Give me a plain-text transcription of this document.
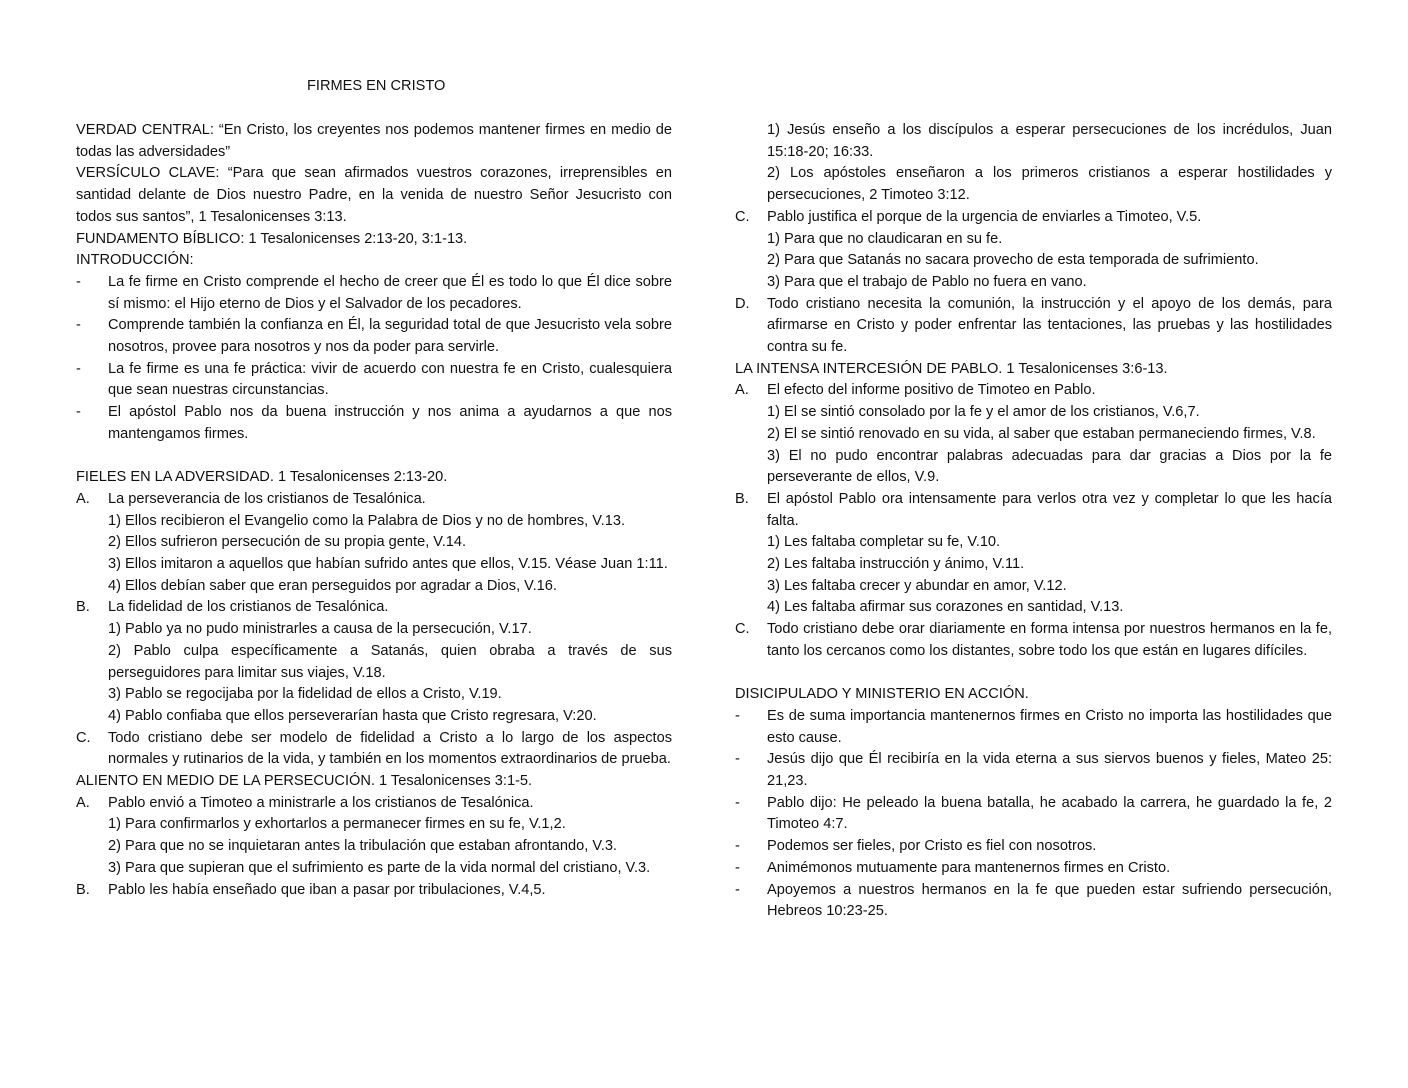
FIRMES EN CRISTO
VERDAD CENTRAL: “En Cristo, los creyentes nos podemos mantener firmes en medio de todas las adversidades”
VERSÍCULO CLAVE: “Para que sean afirmados vuestros corazones, irreprensibles en santidad delante de Dios nuestro Padre, en la venida de nuestro Señor Jesucristo con todos sus santos”, 1 Tesalonicenses 3:13.
FUNDAMENTO BÍBLICO: 1 Tesalonicenses 2:13-20, 3:1-13.
INTRODUCCIÓN:
-	La fe firme en Cristo comprende el hecho de creer que Él es todo lo que Él dice sobre sí mismo: el Hijo eterno de Dios y el Salvador de los pecadores.
-	Comprende también la confianza en Él, la seguridad total de que Jesucristo vela sobre nosotros, provee para nosotros y nos da poder para servirle.
-	La fe firme es una fe práctica: vivir de acuerdo con nuestra fe en Cristo, cualesquiera que sean nuestras circunstancias.
-	El apóstol Pablo nos da buena instrucción y nos anima a ayudarnos a que nos mantengamos firmes.
FIELES EN LA ADVERSIDAD. 1 Tesalonicenses 2:13-20.
A.	La perseverancia de los cristianos de Tesalónica.
1) Ellos recibieron el Evangelio como la Palabra de Dios y no de hombres, V.13.
2) Ellos sufrieron persecución de su propia gente, V.14.
3) Ellos imitaron a aquellos que habían sufrido antes que ellos, V.15. Véase Juan 1:11.
4) Ellos debían saber que eran perseguidos por agradar a Dios, V.16.
B.	La fidelidad de los cristianos de Tesalónica.
1) Pablo ya no pudo ministrarles a causa de la persecución, V.17.
2) Pablo culpa específicamente a Satanás, quien obraba a través de sus perseguidores para limitar sus viajes, V.18.
3) Pablo se regocijaba por la fidelidad de ellos a Cristo, V.19.
4) Pablo confiaba que ellos perseverarían hasta que Cristo regresara, V:20.
C.	Todo cristiano debe ser modelo de fidelidad a Cristo a lo largo de los aspectos normales y rutinarios de la vida, y también en los momentos extraordinarios de prueba.
ALIENTO EN MEDIO DE LA PERSECUCIÓN. 1 Tesalonicenses 3:1-5.
A.	Pablo envió a Timoteo a ministrarle a los cristianos de Tesalónica.
1) Para confirmarlos y exhortarlos a permanecer firmes en su fe, V.1,2.
2) Para que no se inquietaran antes la tribulación que estaban afrontando, V.3.
3) Para que supieran que el sufrimiento es parte de la vida normal del cristiano, V.3.
B.	Pablo les había enseñado que iban a pasar por tribulaciones, V.4,5.
1) Jesús enseño a los discípulos a esperar persecuciones de los incrédulos, Juan 15:18-20; 16:33.
2) Los apóstoles enseñaron a los primeros cristianos a esperar hostilidades y persecuciones, 2 Timoteo 3:12.
C.	Pablo justifica el porque de la urgencia de enviarles a Timoteo, V.5.
1) Para que no claudicaran en su fe.
2) Para que Satanás no sacara provecho de esta temporada de sufrimiento.
3) Para que el trabajo de Pablo no fuera en vano.
D.	Todo cristiano necesita la comunión, la instrucción y el apoyo de los demás, para afirmarse en Cristo y poder enfrentar las tentaciones, las pruebas y las hostilidades contra su fe.
LA INTENSA INTERCESIÓN DE PABLO. 1 Tesalonicenses 3:6-13.
A.	El efecto del informe positivo de Timoteo en Pablo.
1) El se sintió consolado por la fe y el amor de los cristianos, V.6,7.
2) El se sintió renovado en su vida, al saber que estaban permaneciendo firmes, V.8.
3) El no pudo encontrar palabras adecuadas para dar gracias a Dios por la fe perseverante de ellos, V.9.
B.	El apóstol Pablo ora intensamente para verlos otra vez y completar lo que les hacía falta.
1) Les faltaba completar su fe, V.10.
2) Les faltaba instrucción y ánimo, V.11.
3) Les faltaba crecer y abundar en amor, V.12.
4) Les faltaba afirmar sus corazones en santidad, V.13.
C.	Todo cristiano debe orar diariamente en forma intensa por nuestros hermanos en la fe, tanto los cercanos como los distantes, sobre todo los que están en lugares difíciles.
DISICIPULADO Y MINISTERIO EN ACCIÓN.
-	Es de suma importancia mantenernos firmes en Cristo no importa las hostilidades que esto cause.
-	Jesús dijo que Él recibiría en la vida eterna a sus siervos buenos y fieles, Mateo 25: 21,23.
-	Pablo dijo: He peleado la buena batalla, he acabado la carrera, he guardado la fe, 2 Timoteo 4:7.
-	Podemos ser fieles, por Cristo es fiel con nosotros.
-	Animémonos mutuamente para mantenernos firmes en Cristo.
-	Apoyemos a nuestros hermanos en la fe que pueden estar sufriendo persecución, Hebreos 10:23-25.
